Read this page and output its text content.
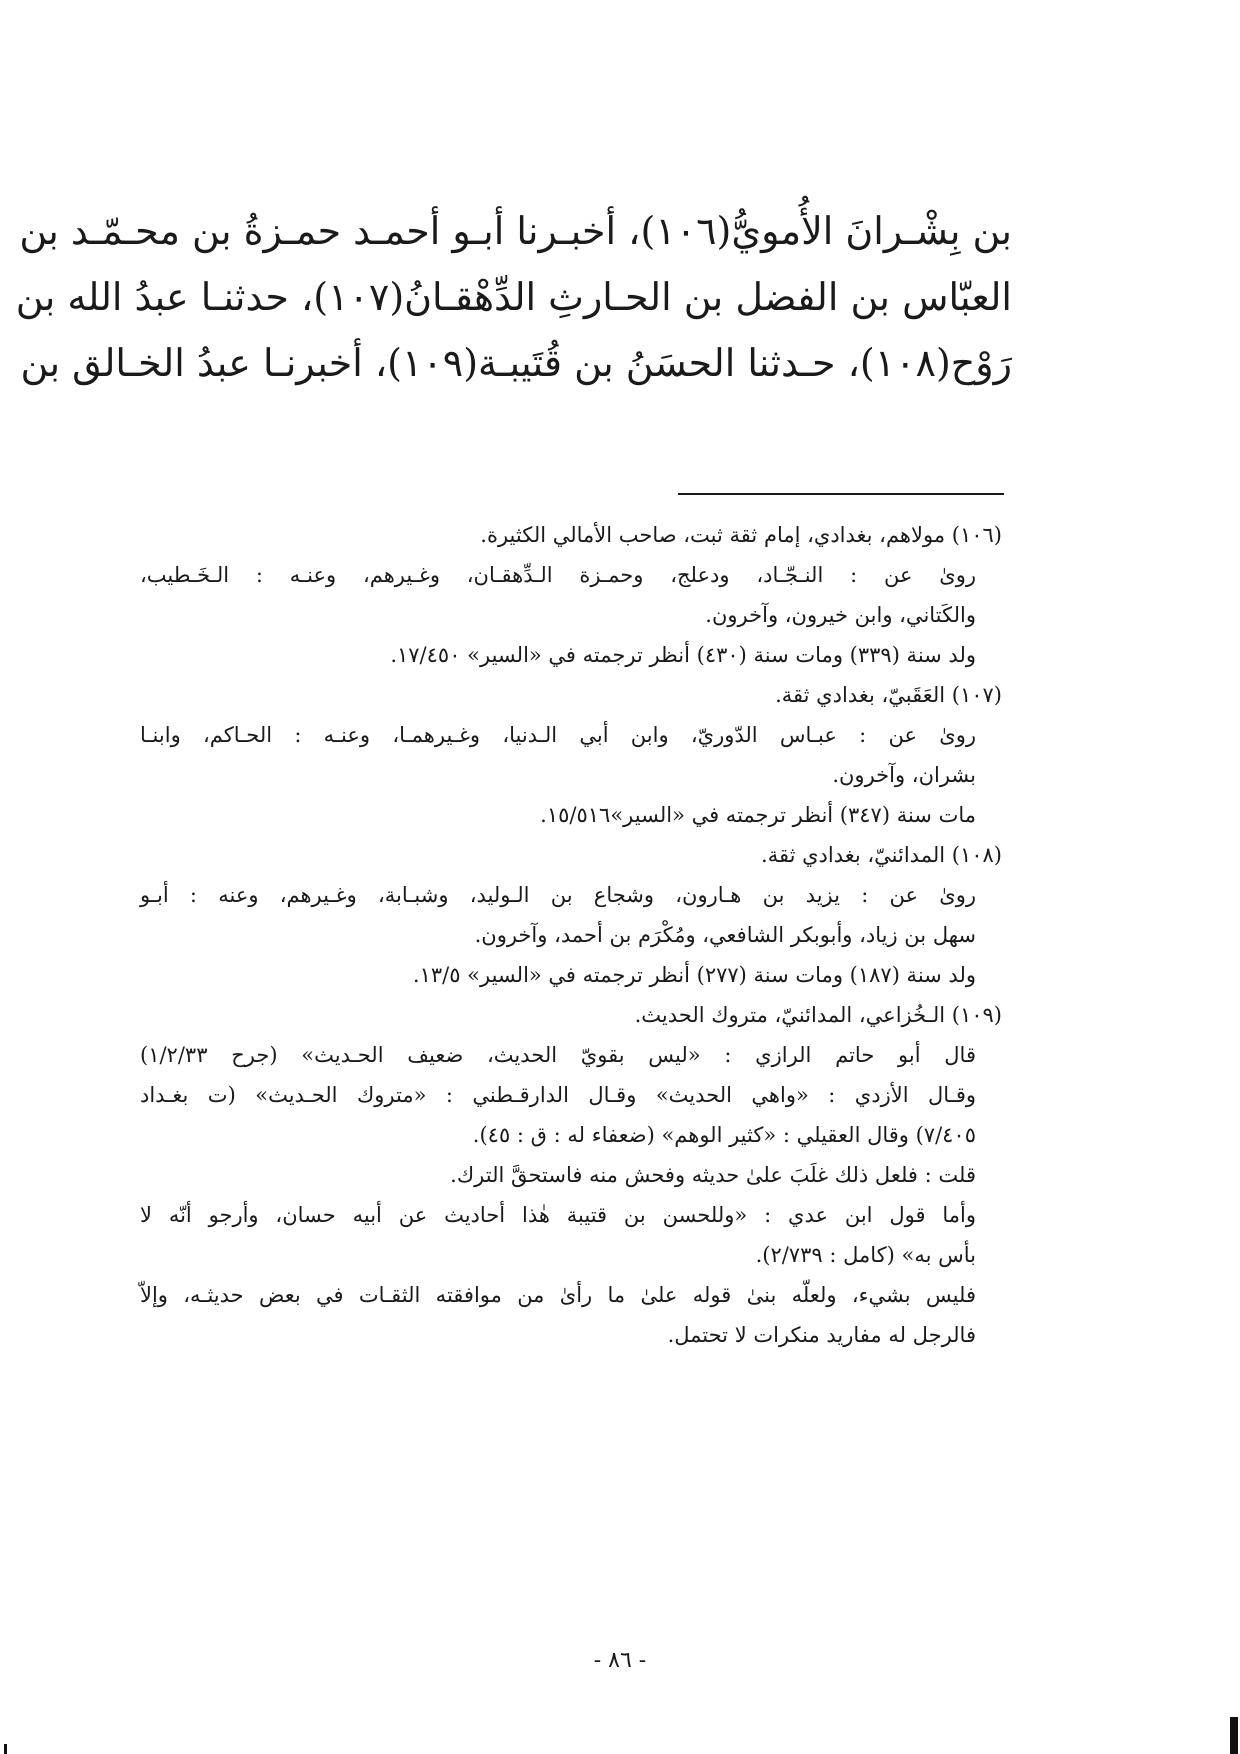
بن بِشْـرانَ الأُمويُّ(١٠٦)، أخبـرنا أبـو أحمـد حمـزةُ بن محـمّـد بن
العبّاس بن الفضل بن الحـارثِ الدِّهْقـانُ(١٠٧)، حدثنـا عبدُ الله بن
رَوْح(١٠٨)، حـدثنا الحسَنُ بن قُتَيبـة(١٠٩)، أخبرنـا عبدُ الخـالق بن
(١٠٦) مولاهم، بغدادي، إمام ثقة ثبت، صاحب الأمالي الكثيرة.
روىٰ عن : النـجّـاد، ودعلج، وحمـزة الـدِّهقـان، وغـيرهم، وعنـه : الـخَـطيب،
والكَتاني، وابن خيرون، وآخرون.
ولد سنة (٣٣٩) ومات سنة (٤٣٠) أنظر ترجمته في «السير» ١٧/٤٥٠.
(١٠٧) العَقَبيّ، بغدادي ثقة.
روىٰ عن : عبـاس الدّوريّ، وابن أبي الـدنيا، وغـيرهمـا، وعنـه : الحـاكم، وابنـا
بشران، وآخرون.
مات سنة (٣٤٧) أنظر ترجمته في «السير»١٥/٥١٦.
(١٠٨) المدائنيّ، بغدادي ثقة.
روىٰ عن : يزيد بن هـارون، وشجاع بن الـوليد، وشبـابة، وغـيرهم، وعنه : أبـو
سهل بن زياد، وأبوبكر الشافعي، ومُكْرَم بن أحمد، وآخرون.
ولد سنة (١٨٧) ومات سنة (٢٧٧) أنظر ترجمته في «السير» ١٣/٥.
(١٠٩) الـخُزاعي، المدائنيّ، متروك الحديث.
قال أبو حاتم الرازي : «ليس بقويّ الحديث، ضعيف الحـديث» (جرح ١/٢/٣٣)
وقـال الأزدي : «واهي الحديث» وقـال الدارقـطني : «متروك الحـديث» (ت بغـداد
٧/٤٠٥) وقال العقيلي : «كثير الوهم» (ضعفاء له : ق : ٤٥).
قلت : فلعل ذلك غلَبَ علىٰ حديثه وفحش منه فاستحقَّ الترك.
وأما قول ابن عدي : «وللحسن بن قتيبة هٰذا أحاديث عن أبيه حسان، وأرجو أنّه لا
بأس به» (كامل : ٢/٧٣٩).
فليس بشيء، ولعلّه بنىٰ قوله علىٰ ما رأىٰ من موافقته الثقـات في بعض حديثـه، وإلاّ
فالرجل له مفاريد منكرات لا تحتمل.
- ٨٦ -
